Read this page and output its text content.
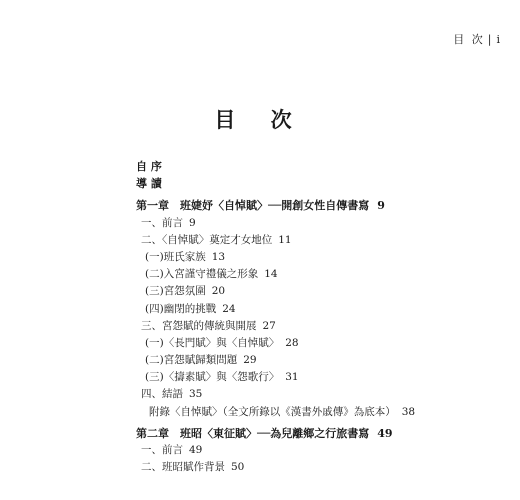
目 次 | i
目 次
自 序
導 讀
第一章　班婕妤〈自悼賦〉──開創女性自傳書寫 9
一、前言 9
二、〈自悼賦〉奠定才女地位 11
(一)班氏家族 13
(二)入宮謹守禮儀之形象 14
(三)宮怨氛圍 20
(四)幽閉的挑戰 24
三、宮怨賦的傳統與開展 27
(一)〈長門賦〉與〈自悼賦〉 28
(二)宮怨賦歸類問題 29
(三)〈擣素賦〉與〈怨歌行〉 31
四、結語 35
附錄〈自悼賦〉（全文所錄以《漢書外戚傳》為底本） 38
第二章　班昭〈東征賦〉──為兒離鄉之行旅書寫 49
一、前言 49
二、班昭賦作背景 50
